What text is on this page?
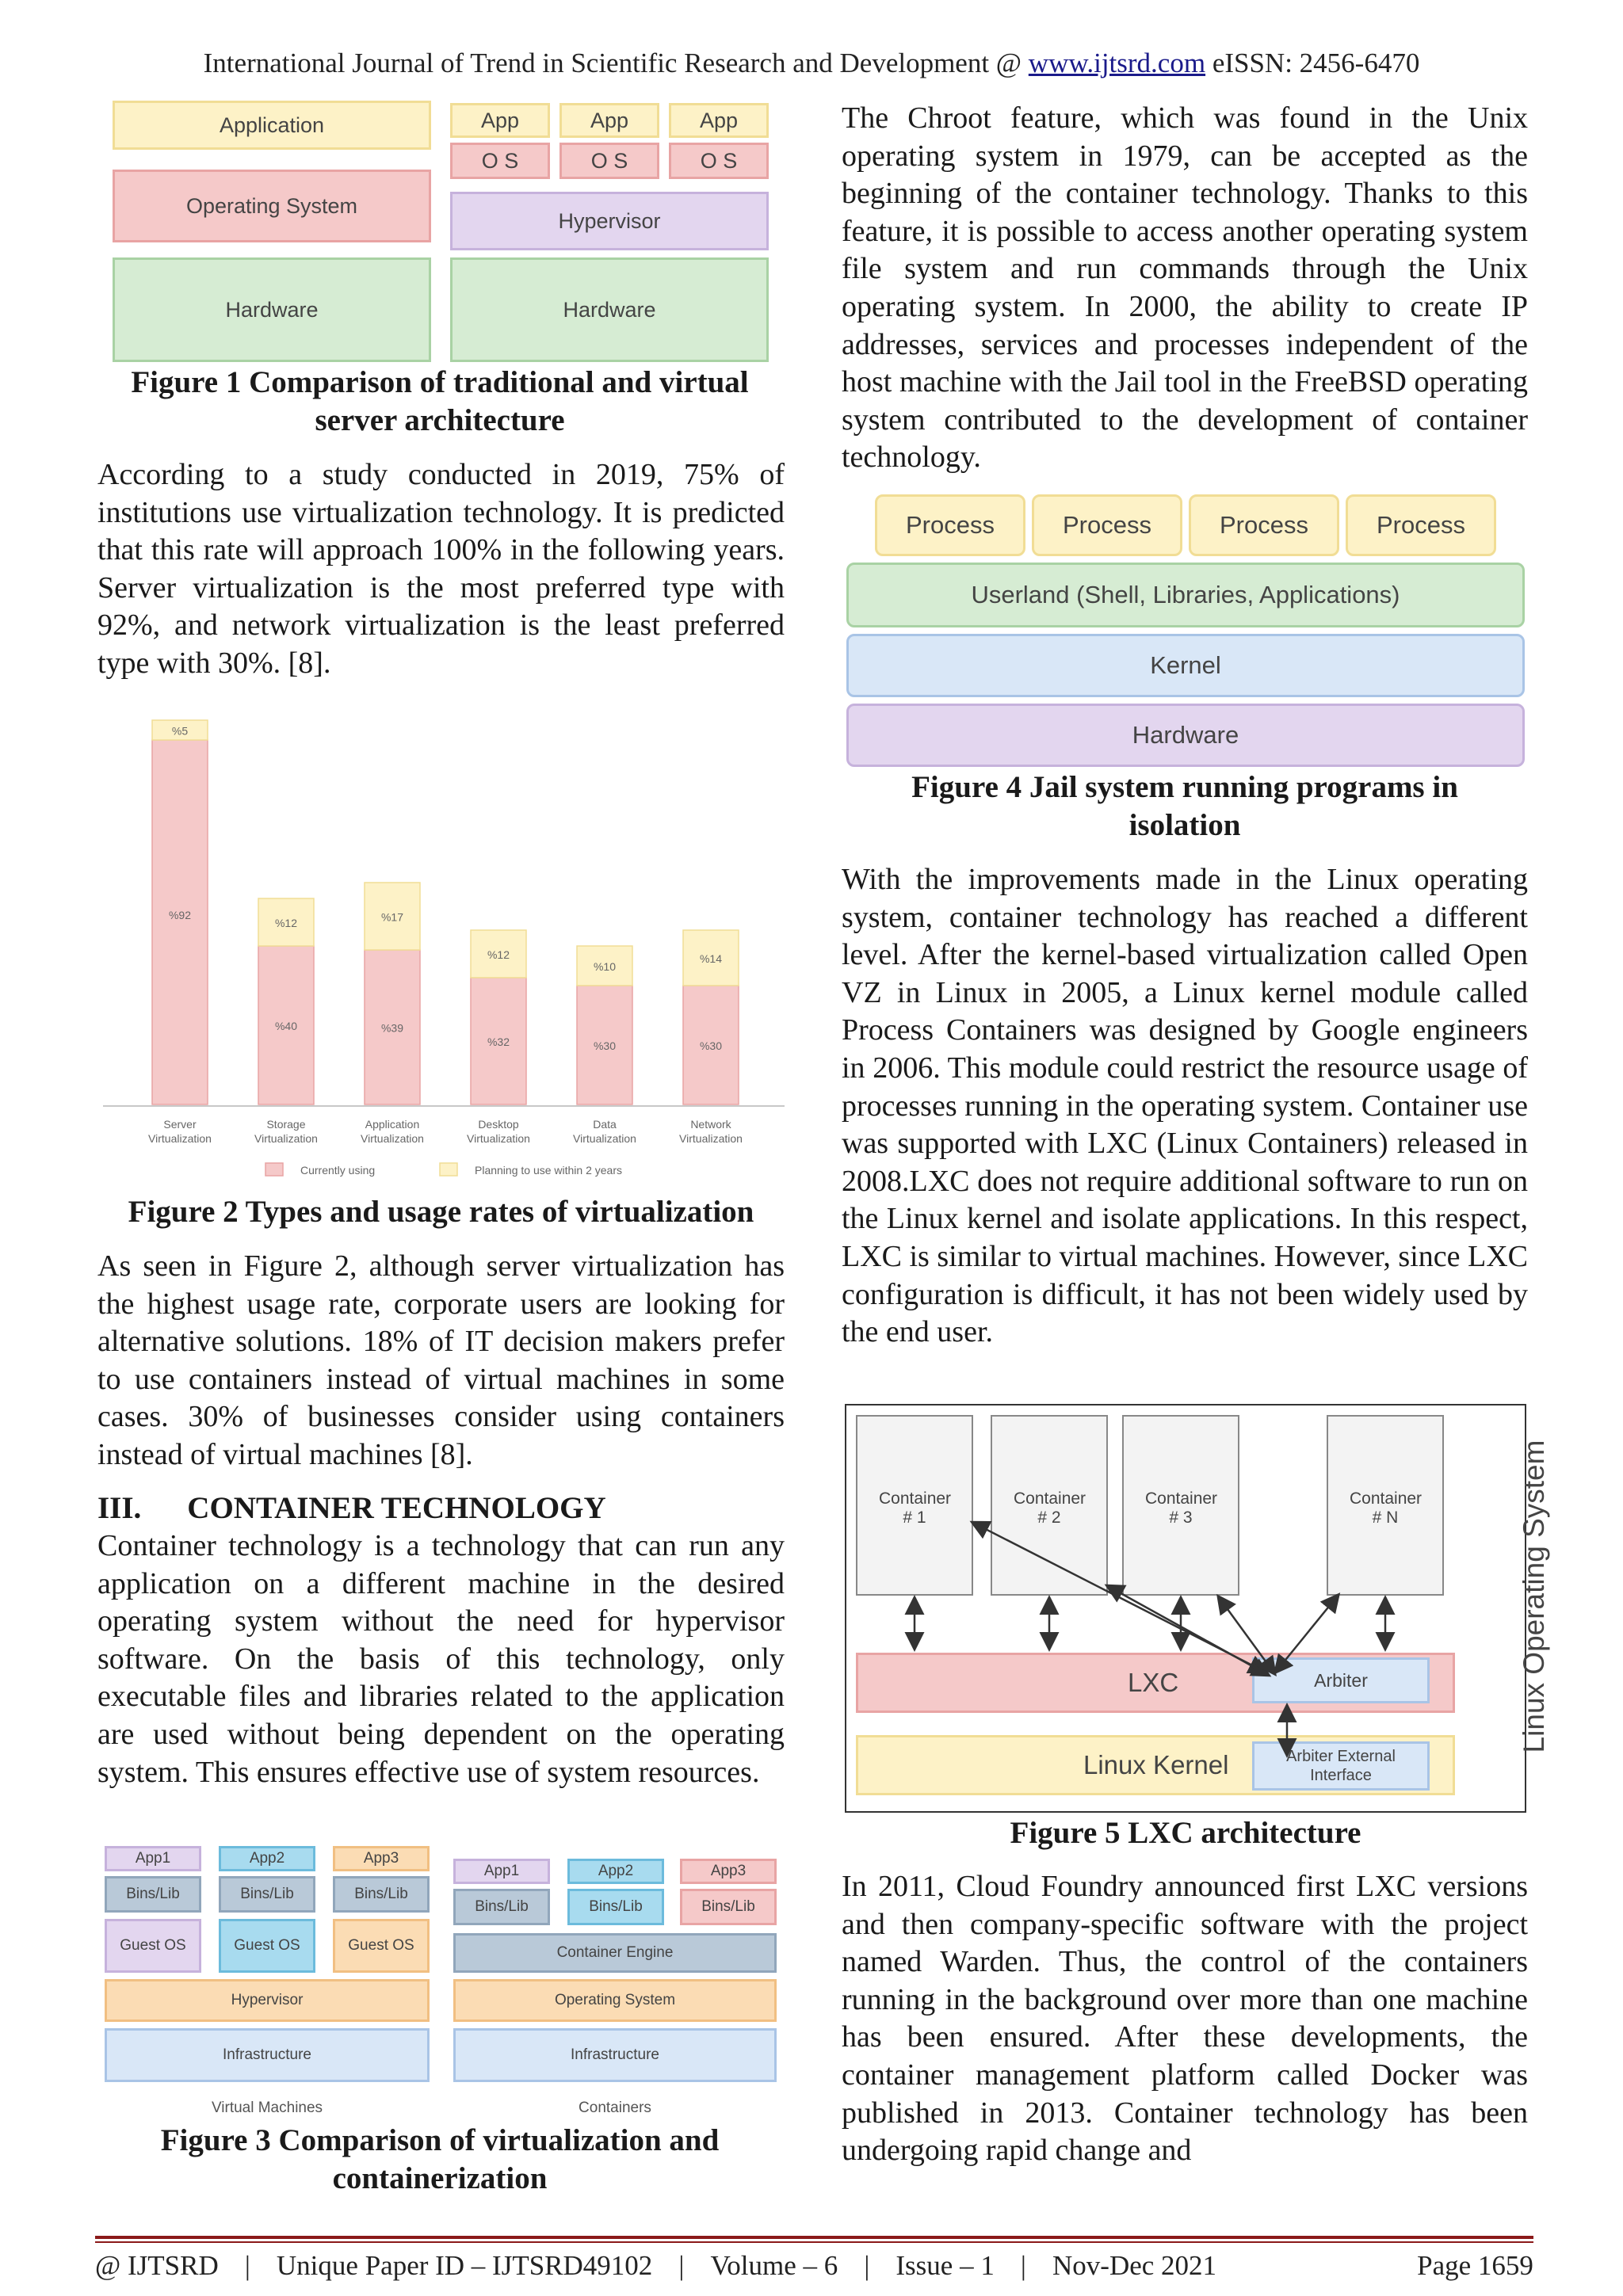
International Journal of Trend in Scientific Research and Development @ www.ijtsrd.com eISSN: 2456-6470
Application
Operating System
Hardware
App	App	App
O S	O S	O S
Hypervisor
Hardware
Figure 1 Comparison of traditional and virtual server architecture
According to a study conducted in 2019, 75% of institutions use virtualization technology. It is predicted that this rate will approach 100% in the following years. Server virtualization is the most preferred type with 92%, and network virtualization is the least preferred type with 30%. [8].
%92
%5
Server
Virtualization
%40
%12
Storage
Virtualization
%39
%17
Application
Virtualization
%32
%12
Desktop
Virtualization
%30
%10
Data
Virtualization
%30
%14
Network
Virtualization
Currently using	Planning to use within 2 years
Figure 2 Types and usage rates of virtualization
As seen in Figure 2, although server virtualization has the highest usage rate, corporate users are looking for alternative solutions. 18% of IT decision makers prefer to use containers instead of virtual machines in some cases. 30% of businesses consider using containers instead of virtual machines [8].
III. CONTAINER TECHNOLOGY
Container technology is a technology that can run any application on a different machine in the desired operating system without the need for hypervisor software. On the basis of this technology, only executable files and libraries related to the application are used without being dependent on the operating system. This ensures effective use of system resources.
App1	App2	App3
Bins/Lib	Bins/Lib	Bins/Lib
Guest OS	Guest OS	Guest OS
Hypervisor
Infrastructure
Virtual Machines
App1	App2	App3
Bins/Lib	Bins/Lib	Bins/Lib
Container Engine
Operating System
Infrastructure
Containers
Figure 3 Comparison of virtualization and containerization
The Chroot feature, which was found in the Unix operating system in 1979, can be accepted as the beginning of the container technology. Thanks to this feature, it is possible to access another operating system file system and run commands through the Unix operating system. In 2000, the ability to create IP addresses, services and processes independent of the host machine with the Jail tool in the FreeBSD operating system contributed to the development of container technology.
Process	Process	Process	Process
Userland (Shell, Libraries, Applications)
Kernel
Hardware
Figure 4 Jail system running programs in isolation
With the improvements made in the Linux operating system, container technology has reached a different level. After the kernel-based virtualization called Open VZ in Linux in 2005, a Linux kernel module called Process Containers was designed by Google engineers in 2006. This module could restrict the resource usage of processes running in the operating system. Container use was supported with LXC (Linux Containers) released in 2008.LXC does not require additional software to run on the Linux kernel and isolate applications. In this respect, LXC is similar to virtual machines. However, since LXC configuration is difficult, it has not been widely used by the end user.
Container # 1
Container # 2
Container # 3
Container # N
LXC	Arbiter
Linux Kernel	Arbiter External Interface
Linux Operating System
Figure 5 LXC architecture
In 2011, Cloud Foundry announced first LXC versions and then company-specific software with the project named Warden. Thus, the control of the containers running in the background over more than one machine has been ensured. After these developments, the container management platform called Docker was published in 2013. Container technology has been undergoing rapid change and
@ IJTSRD | Unique Paper ID – IJTSRD49102 | Volume – 6 | Issue – 1 | Nov-Dec 2021	Page 1659
